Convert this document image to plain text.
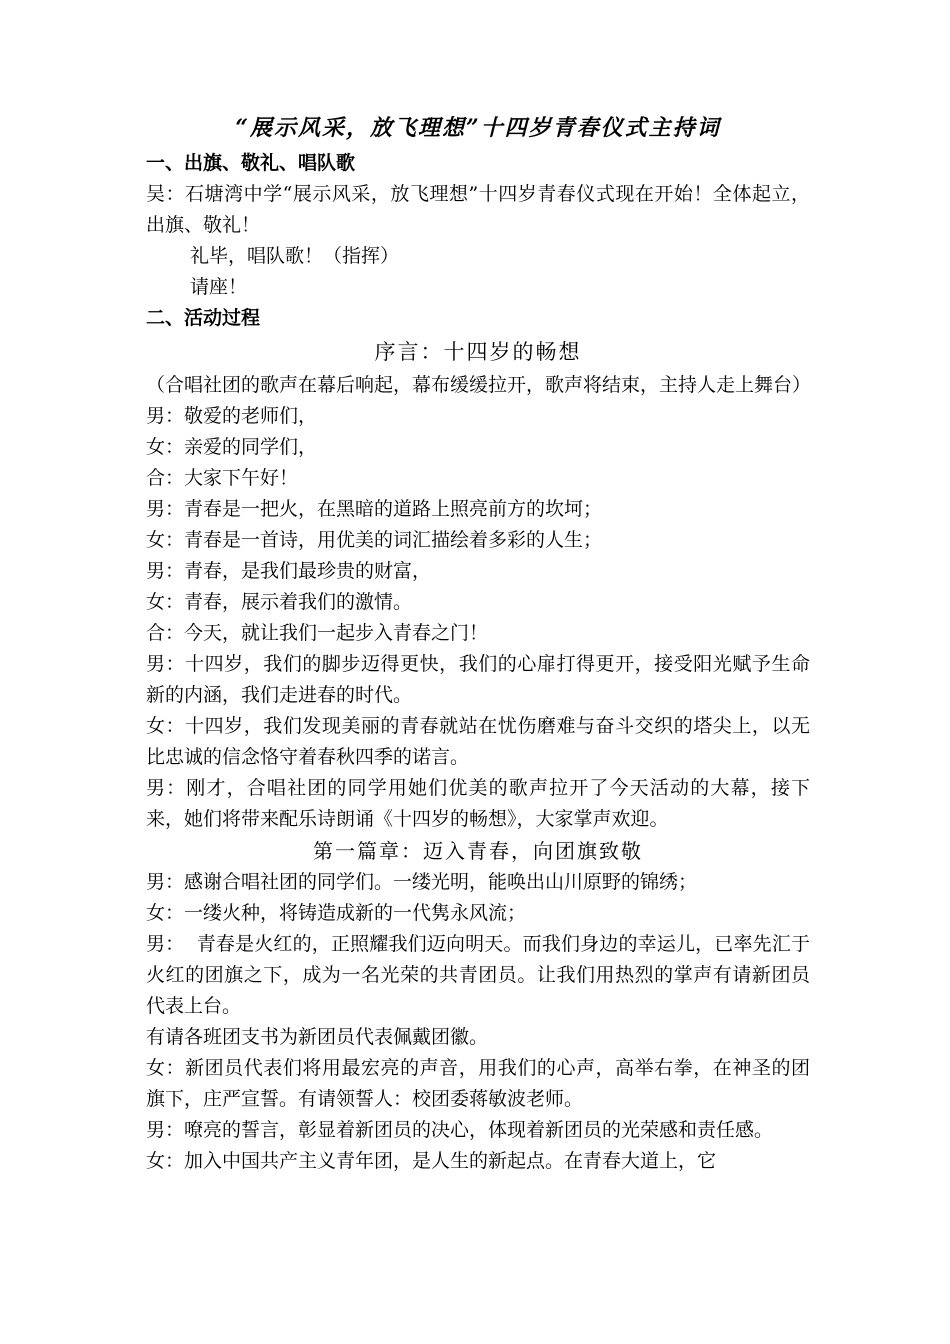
“展示风采，放飞理想”十四岁青春仪式主持词

一、出旗、敬礼、唱队歌

吴：石塘湾中学“展示风采，放飞理想”十四岁青春仪式现在开始！全体起立，出旗、敬礼！

礼毕，唱队歌！（指挥）

请座！

二、活动过程

序言：十四岁的畅想

（合唱社团的歌声在幕后响起，幕布缓缓拉开，歌声将结束，主持人走上舞台）

男：敬爱的老师们，

女：亲爱的同学们，

合：大家下午好！

男：青春是一把火，在黑暗的道路上照亮前方的坎坷；

女：青春是一首诗，用优美的词汇描绘着多彩的人生；

男：青春，是我们最珍贵的财富，

女：青春，展示着我们的激情。

合：今天，就让我们一起步入青春之门！

男：十四岁，我们的脚步迈得更快，我们的心扉打得更开，接受阳光赋予生命新的内涵，我们走进春的时代。

女：十四岁，我们发现美丽的青春就站在忧伤磨难与奋斗交织的塔尖上，以无比忠诚的信念恪守着春秋四季的诺言。

男：刚才，合唱社团的同学用她们优美的歌声拉开了今天活动的大幕，接下来，她们将带来配乐诗朗诵《十四岁的畅想》，大家掌声欢迎。

第一篇章：迈入青春，向团旗致敬

男：感谢合唱社团的同学们。一缕光明，能唤出山川原野的锦绣；

女：一缕火种，将铸造成新的一代隽永风流；

男：  青春是火红的，正照耀我们迈向明天。而我们身边的幸运儿，已率先汇于火红的团旗之下，成为一名光荣的共青团员。让我们用热烈的掌声有请新团员代表上台。

有请各班团支书为新团员代表佩戴团徽。

女：新团员代表们将用最宏亮的声音，用我们的心声，高举右拳，在神圣的团旗下，庄严宣誓。有请领誓人：校团委蒋敏波老师。

男：嘹亮的誓言，彰显着新团员的决心，体现着新团员的光荣感和责任感。

女：加入中国共产主义青年团，是人生的新起点。在青春大道上，它
